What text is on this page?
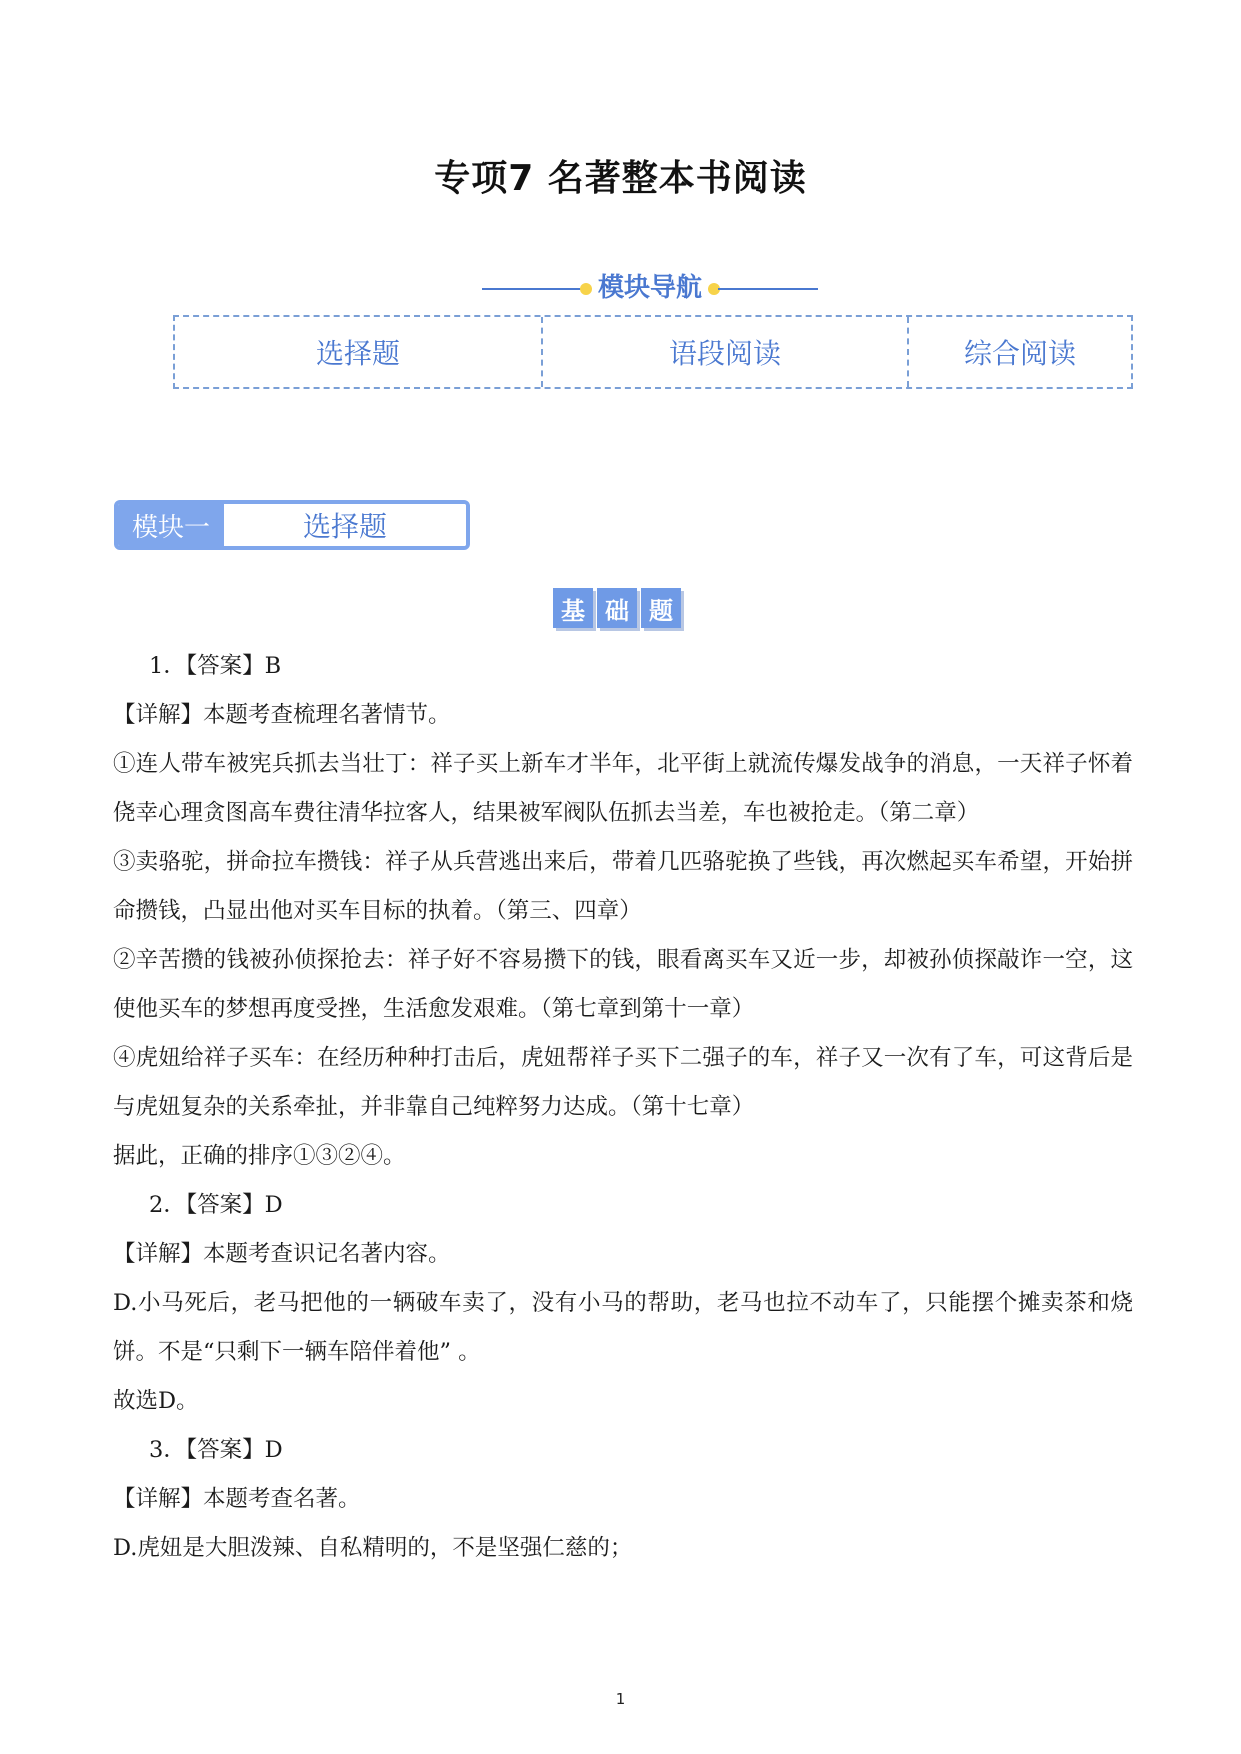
专项7 名著整本书阅读
模块导航
选择题	语段阅读	综合阅读
模块一	选择题
基 础 题

1．【答案】B

【详解】本题考查梳理名著情节。

①连人带车被宪兵抓去当壮丁：祥子买上新车才半年，北平街上就流传爆发战争的消息，一天祥子怀着侥幸心理贪图高车费往清华拉客人，结果被军阀队伍抓去当差，车也被抢走。（第二章）

③卖骆驼，拼命拉车攒钱：祥子从兵营逃出来后，带着几匹骆驼换了些钱，再次燃起买车希望，开始拼命攒钱，凸显出他对买车目标的执着。（第三、四章）

②辛苦攒的钱被孙侦探抢去：祥子好不容易攒下的钱，眼看离买车又近一步，却被孙侦探敲诈一空，这使他买车的梦想再度受挫，生活愈发艰难。（第七章到第十一章）

④虎妞给祥子买车：在经历种种打击后，虎妞帮祥子买下二强子的车，祥子又一次有了车，可这背后是与虎妞复杂的关系牵扯，并非靠自己纯粹努力达成。（第十七章）

据此，正确的排序①③②④。

2．【答案】D

【详解】本题考查识记名著内容。

D.小马死后，老马把他的一辆破车卖了，没有小马的帮助，老马也拉不动车了，只能摆个摊卖茶和烧饼。不是“只剩下一辆车陪伴着他” 。

故选D。

3．【答案】D

【详解】本题考查名著。

D.虎妞是大胆泼辣、自私精明的，不是坚强仁慈的；

1
